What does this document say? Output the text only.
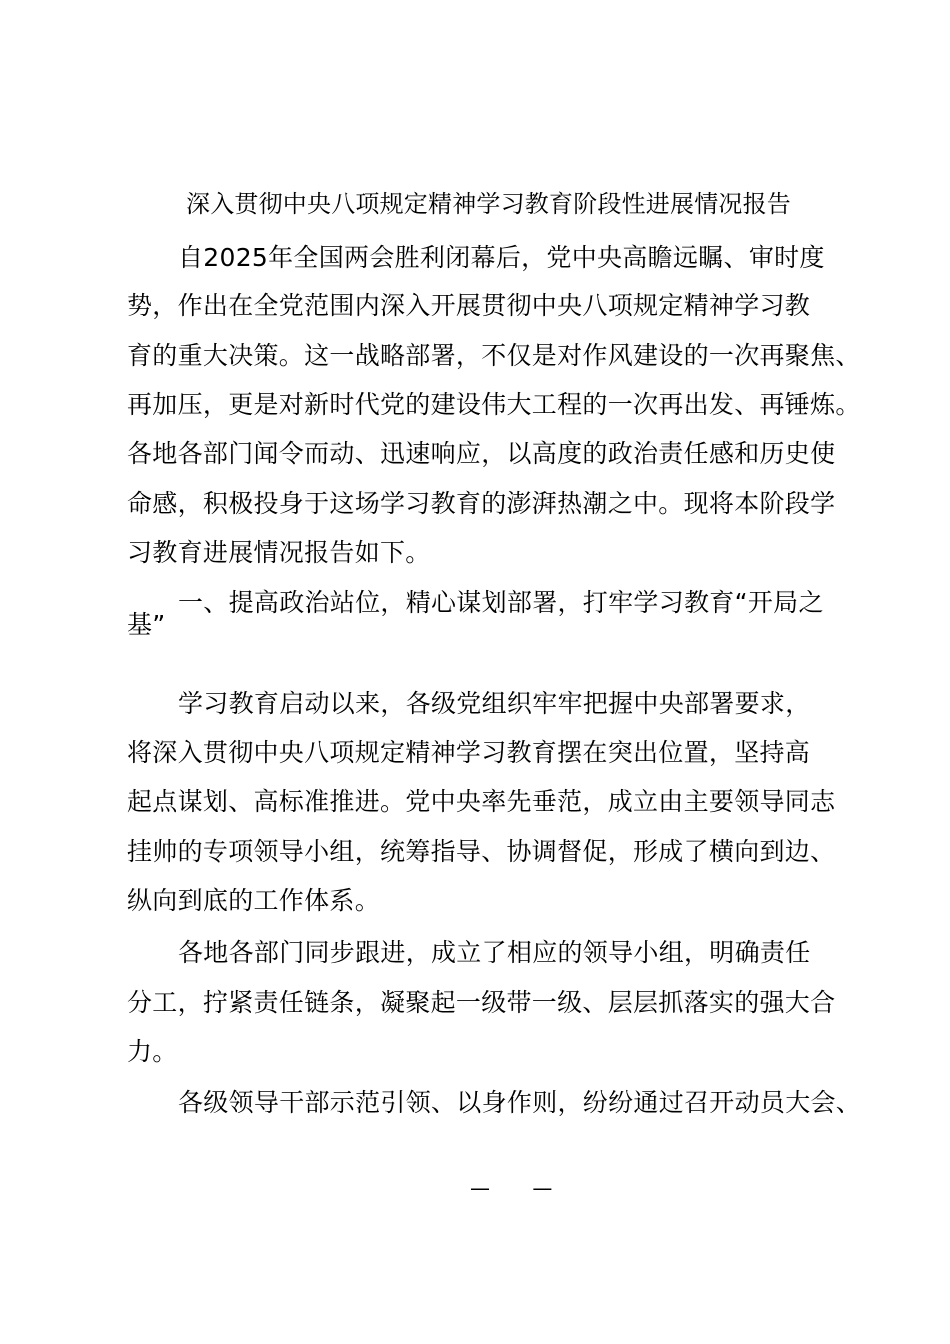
深入贯彻中央八项规定精神学习教育阶段性进展情况报告
自2025年全国两会胜利闭幕后，党中央高瞻远瞩、审时度
势，作出在全党范围内深入开展贯彻中央八项规定精神学习教
育的重大决策。这一战略部署，不仅是对作风建设的一次再聚焦、
再加压，更是对新时代党的建设伟大工程的一次再出发、再锤炼。
各地各部门闻令而动、迅速响应，以高度的政治责任感和历史使
命感，积极投身于这场学习教育的澎湃热潮之中。现将本阶段学
习教育进展情况报告如下。
一、提高政治站位，精心谋划部署，打牢学习教育“开局之
基”
学习教育启动以来，各级党组织牢牢把握中央部署要求，
将深入贯彻中央八项规定精神学习教育摆在突出位置，坚持高
起点谋划、高标准推进。党中央率先垂范，成立由主要领导同志
挂帅的专项领导小组，统筹指导、协调督促，形成了横向到边、
纵向到底的工作体系。
各地各部门同步跟进，成立了相应的领导小组，明确责任
分工，拧紧责任链条，凝聚起一级带一级、层层抓落实的强大合
力。
各级领导干部示范引领、以身作则，纷纷通过召开动员大会、
— —
